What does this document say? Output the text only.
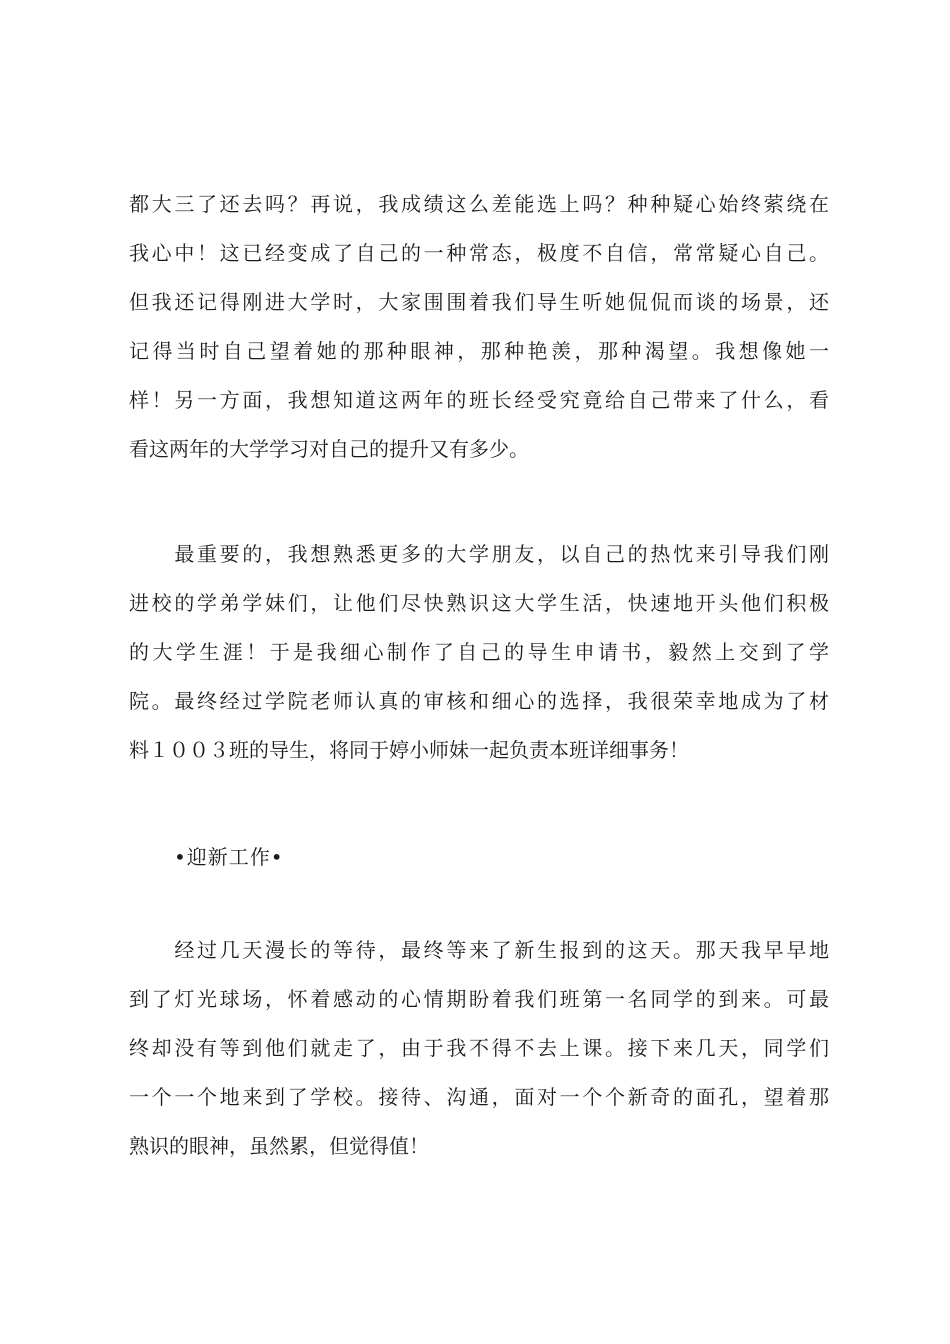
都大三了还去吗？再说，我成绩这么差能选上吗？种种疑心始终萦绕在
我心中！这已经变成了自己的一种常态，极度不自信，常常疑心自己。
但我还记得刚进大学时，大家围围着我们导生听她侃侃而谈的场景，还
记得当时自己望着她的那种眼神，那种艳羡，那种渴望。我想像她一
样！另一方面，我想知道这两年的班长经受究竟给自己带来了什么，看
看这两年的大学学习对自己的提升又有多少。
　　最重要的，我想熟悉更多的大学朋友，以自己的热忱来引导我们刚
进校的学弟学妹们，让他们尽快熟识这大学生活，快速地开头他们积极
的大学生涯！于是我细心制作了自己的导生申请书，毅然上交到了学
院。最终经过学院老师认真的审核和细心的选择，我很荣幸地成为了材
料１００３班的导生，将同于婷小师妹一起负责本班详细事务！
•迎新工作•
　　经过几天漫长的等待，最终等来了新生报到的这天。那天我早早地
到了灯光球场，怀着感动的心情期盼着我们班第一名同学的到来。可最
终却没有等到他们就走了，由于我不得不去上课。接下来几天，同学们
一个一个地来到了学校。接待、沟通，面对一个个新奇的面孔，望着那
熟识的眼神，虽然累，但觉得值！
